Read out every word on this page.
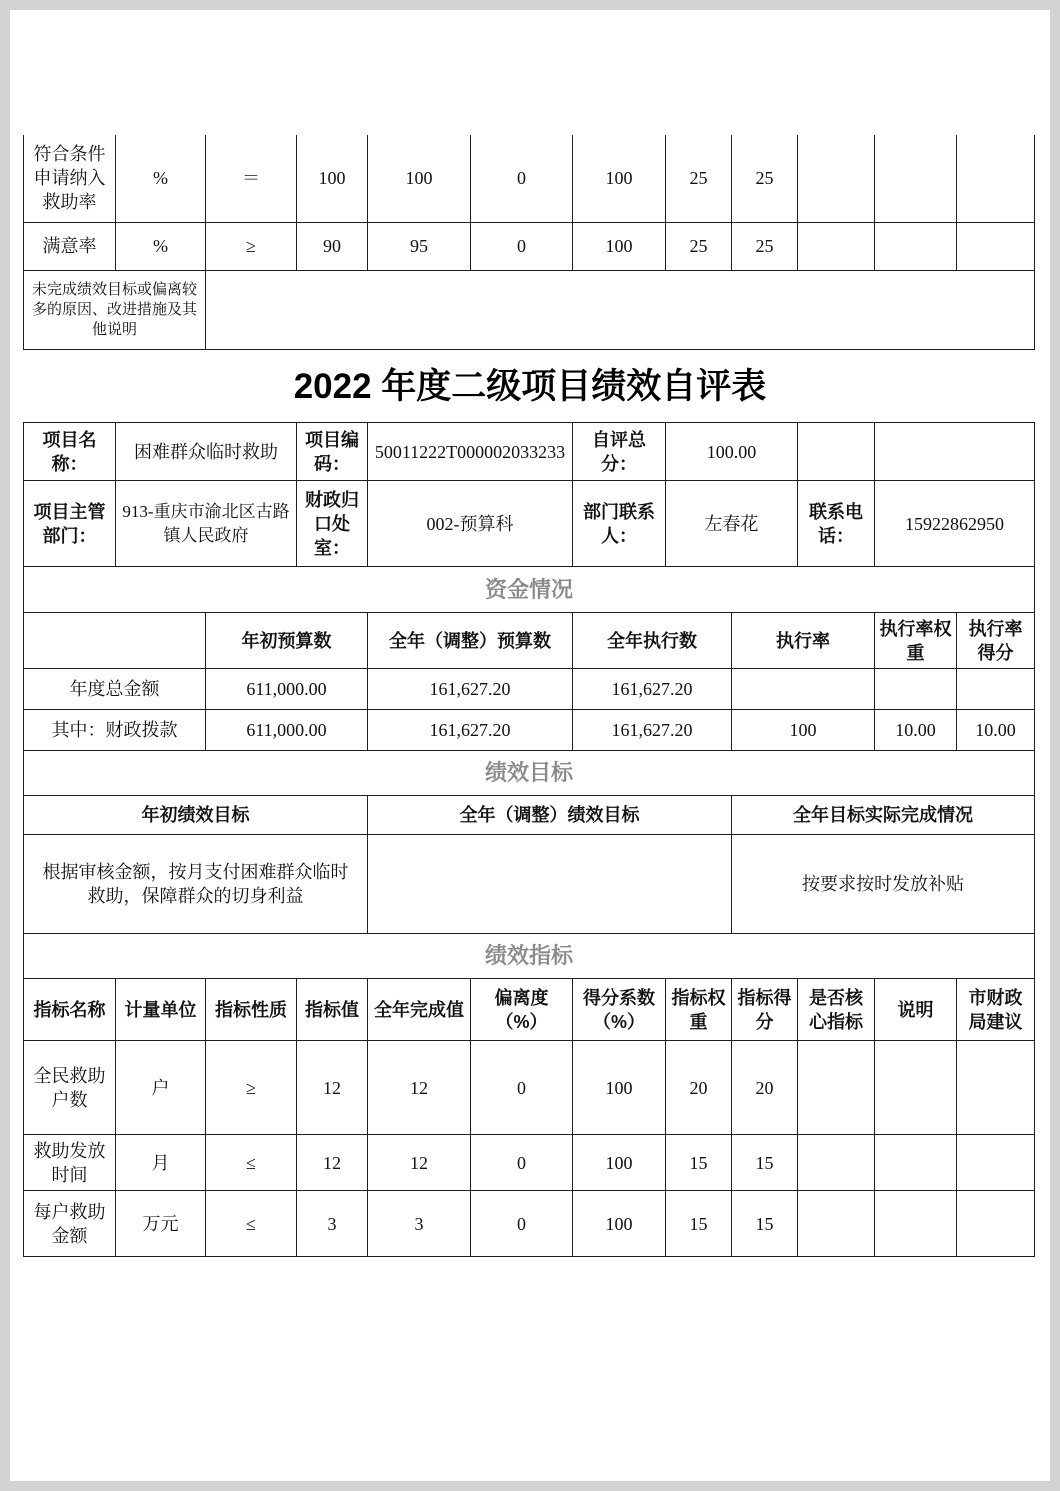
符合条件申请纳入救助率	%	＝	100	100	0	100	25	25			
满意率	%	≥	90	95	0	100	25	25			
未完成绩效目标或偏离较多的原因、改进措施及其他说明											
2022 年度二级项目绩效自评表
项目名称：	困难群众临时救助		项目编码：	50011222T000002033233		自评总分：	100.00				
项目主管部门：	913-重庆市渝北区古路镇人民政府		财政归口处室：	002-预算科		部门联系人：	左春花		联系电话：	15922862950	
资金情况											
		年初预算数		全年（调整）预算数		全年执行数		执行率		执行率权重	执行率得分
年度总金额		611,000.00		161,627.20		161,627.20					
其中：财政拨款		611,000.00		161,627.20		161,627.20		100		10.00	10.00
绩效目标											
年初绩效目标				全年（调整）绩效目标				全年目标实际完成情况			
根据审核金额，按月支付困难群众临时救助，保障群众的切身利益								按要求按时发放补贴			
绩效指标											
指标名称	计量单位	指标性质	指标值	全年完成值	偏离度（%）	得分系数（%）	指标权重	指标得分	是否核心指标	说明	市财政局建议
全民救助户数	户	≥	12	12	0	100	20	20			
救助发放时间	月	≤	12	12	0	100	15	15			
每户救助金额	万元	≤	3	3	0	100	15	15			
